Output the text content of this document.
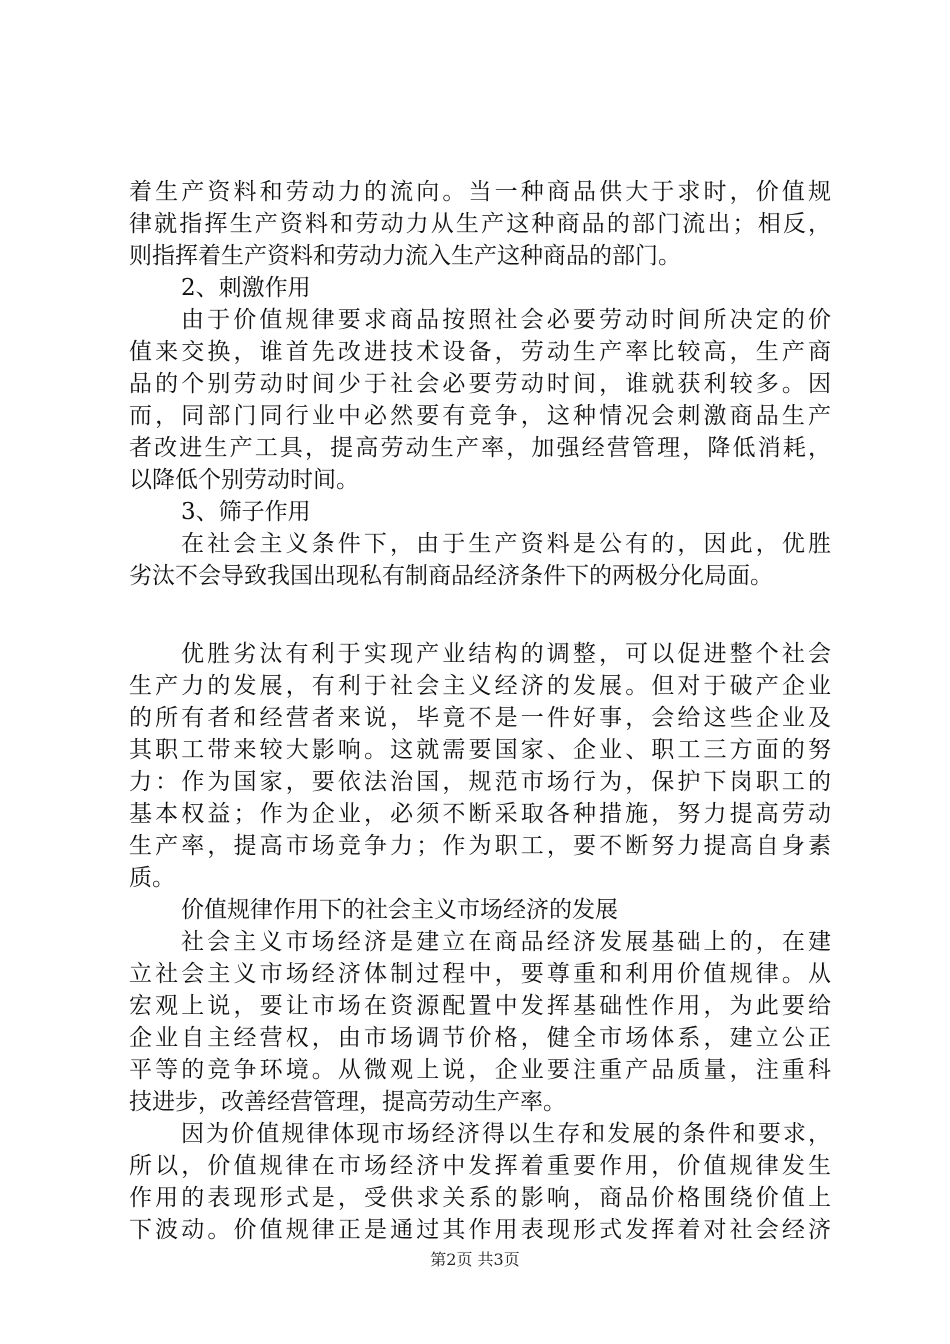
着生产资料和劳动力的流向。当一种商品供大于求时，价值规
律就指挥生产资料和劳动力从生产这种商品的部门流出；相反，
则指挥着生产资料和劳动力流入生产这种商品的部门。
2、刺激作用
由于价值规律要求商品按照社会必要劳动时间所决定的价
值来交换，谁首先改进技术设备，劳动生产率比较高，生产商
品的个别劳动时间少于社会必要劳动时间，谁就获利较多。因
而，同部门同行业中必然要有竞争，这种情况会刺激商品生产
者改进生产工具，提高劳动生产率，加强经营管理，降低消耗，
以降低个别劳动时间。
3、筛子作用
在社会主义条件下，由于生产资料是公有的，因此，优胜
劣汰不会导致我国出现私有制商品经济条件下的两极分化局面。
优胜劣汰有利于实现产业结构的调整，可以促进整个社会
生产力的发展，有利于社会主义经济的发展。但对于破产企业
的所有者和经营者来说，毕竟不是一件好事，会给这些企业及
其职工带来较大影响。这就需要国家、企业、职工三方面的努
力：作为国家，要依法治国，规范市场行为，保护下岗职工的
基本权益；作为企业，必须不断采取各种措施，努力提高劳动
生产率，提高市场竞争力；作为职工，要不断努力提高自身素
质。
价值规律作用下的社会主义市场经济的发展
社会主义市场经济是建立在商品经济发展基础上的，在建
立社会主义市场经济体制过程中，要尊重和利用价值规律。从
宏观上说，要让市场在资源配置中发挥基础性作用，为此要给
企业自主经营权，由市场调节价格，健全市场体系，建立公正
平等的竞争环境。从微观上说，企业要注重产品质量，注重科
技进步，改善经营管理，提高劳动生产率。
因为价值规律体现市场经济得以生存和发展的条件和要求，
所以，价值规律在市场经济中发挥着重要作用，价值规律发生
作用的表现形式是，受供求关系的影响，商品价格围绕价值上
下波动。价值规律正是通过其作用表现形式发挥着对社会经济
第2页 共3页
